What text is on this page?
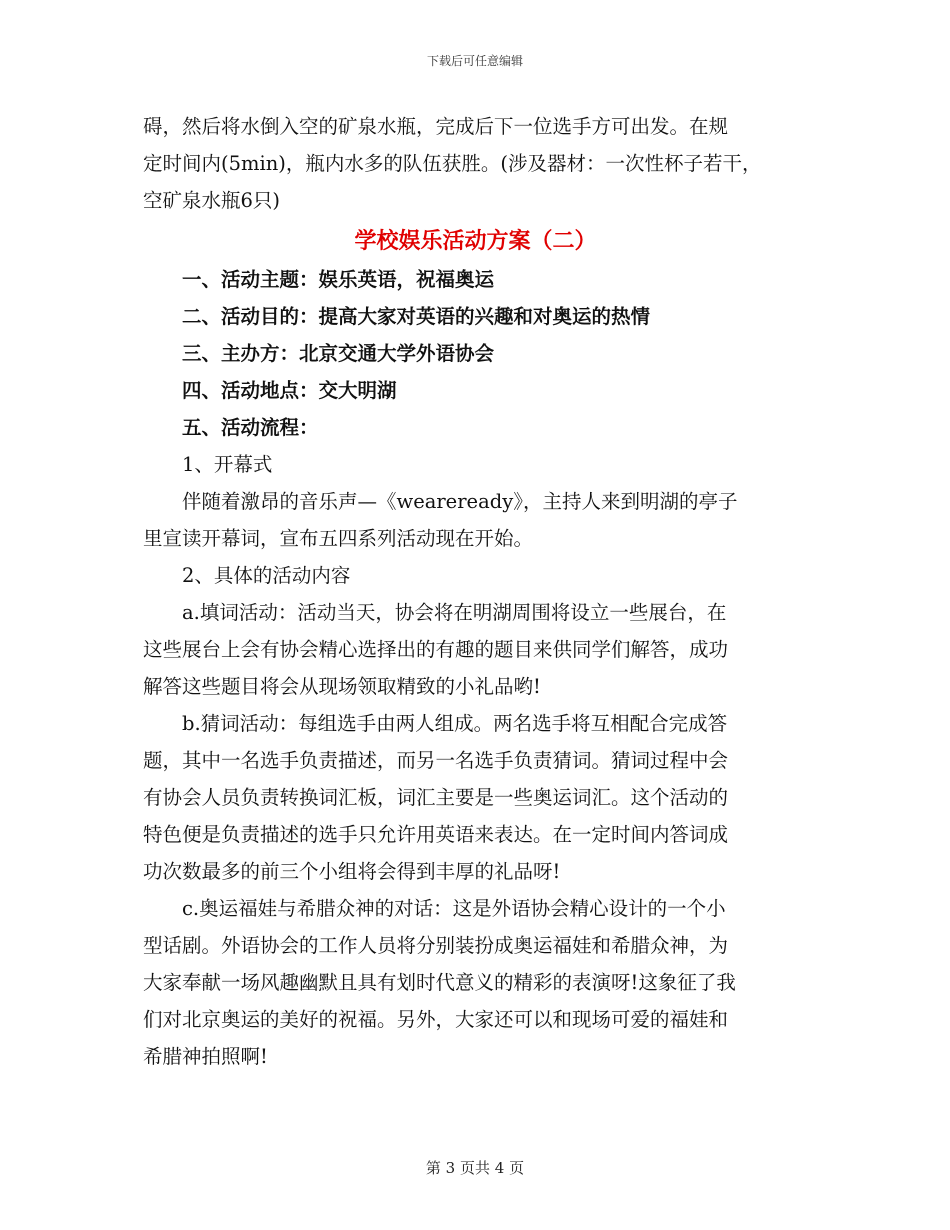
下载后可任意编辑

碍，然后将水倒入空的矿泉水瓶，完成后下一位选手方可出发。在规

定时间内(5min)，瓶内水多的队伍获胜。(涉及器材：一次性杯子若干，

空矿泉水瓶6只)

学校娱乐活动方案（二）

一、活动主题：娱乐英语，祝福奥运

二、活动目的：提高大家对英语的兴趣和对奥运的热情

三、主办方：北京交通大学外语协会

四、活动地点：交大明湖

五、活动流程：

1、开幕式

伴随着激昂的音乐声—《weareready》，主持人来到明湖的亭子

里宣读开幕词，宣布五四系列活动现在开始。

2、具体的活动内容

a.填词活动：活动当天，协会将在明湖周围将设立一些展台，在

这些展台上会有协会精心选择出的有趣的题目来供同学们解答，成功

解答这些题目将会从现场领取精致的小礼品哟!

b.猜词活动：每组选手由两人组成。两名选手将互相配合完成答

题，其中一名选手负责描述，而另一名选手负责猜词。猜词过程中会

有协会人员负责转换词汇板，词汇主要是一些奥运词汇。这个活动的

特色便是负责描述的选手只允许用英语来表达。在一定时间内答词成

功次数最多的前三个小组将会得到丰厚的礼品呀!

c.奥运福娃与希腊众神的对话：这是外语协会精心设计的一个小

型话剧。外语协会的工作人员将分别装扮成奥运福娃和希腊众神，为

大家奉献一场风趣幽默且具有划时代意义的精彩的表演呀!这象征了我

们对北京奥运的美好的祝福。另外，大家还可以和现场可爱的福娃和

希腊神拍照啊!

第 3 页共 4 页
